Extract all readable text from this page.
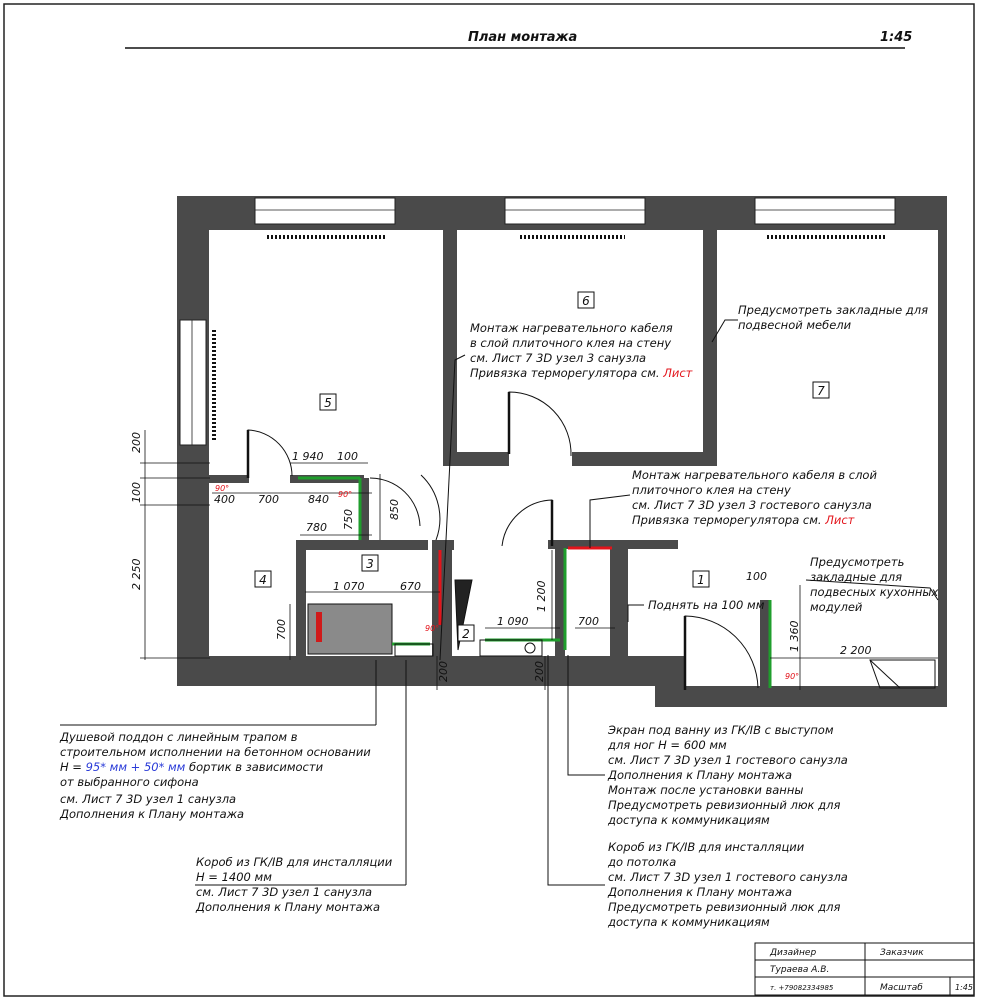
План монтажа	1:45
5
6
7
4
3
2
1
200
100
2 250
700
1 940 100
400 700	840
780 750	850
1 070	670
1 090	700
1 200
200	200
100
1 360	2 200
90°
90°
90°
90°
Монтаж нагревательного кабеля
в слой плиточного клея на стену
см. Лист 7 3D узел 3 санузла
Привязка терморегулятора см. Лист
Предусмотреть закладные для
подвесной мебели
Монтаж нагревательного кабеля в слой
плиточного клея на стену
см. Лист 7 3D узел 3 гостевого санузла
Привязка терморегулятора см. Лист
Предусмотреть
закладные для
подвесных кухонных
модулей
Поднять на 100 мм
Душевой поддон с линейным трапом в
строительном исполнении на бетонном основании
Н = 95* мм + 50* мм бортик в зависимости
от выбранного сифона
см. Лист 7 3D узел 1 санузла
Дополнения к Плану монтажа
Короб из ГК/IВ для инсталляции
Н = 1400 мм
см. Лист 7 3D узел 1 санузла
Дополнения к Плану монтажа
Экран под ванну из ГК/IВ с выступом
для ног Н = 600 мм
см. Лист 7 3D узел 1 гостевого санузла
Дополнения к Плану монтажа
Монтаж после установки ванны
Предусмотреть ревизионный люк для
доступа к коммуникациям
Короб из ГК/IВ для инсталляции
до потолка
см. Лист 7 3D узел 1 гостевого санузла
Дополнения к Плану монтажа
Предусмотреть ревизионный люк для
доступа к коммуникациям
Дизайнер	Заказчик
Тураева А.В.
т. +79082334985	Масштаб	1:45
